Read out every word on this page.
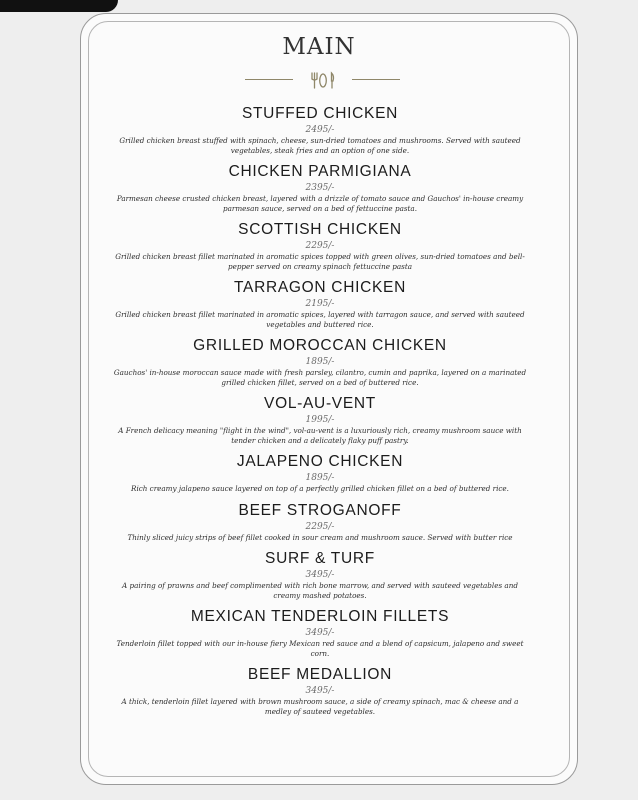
MAIN
STUFFED CHICKEN
2495/-
Grilled chicken breast stuffed with spinach, cheese, sun-dried tomatoes and mushrooms. Served with sauteed vegetables, steak fries and an option of one side.
CHICKEN PARMIGIANA
2395/-
Parmesan cheese crusted chicken breast, layered with a drizzle of tomato sauce and Gauchos' in-house creamy parmesan sauce, served on a bed of fettuccine pasta.
SCOTTISH CHICKEN
2295/-
Grilled chicken breast fillet marinated in aromatic spices topped with green olives, sun-dried tomatoes and bell-pepper served on creamy spinach fettuccine pasta
TARRAGON CHICKEN
2195/-
Grilled chicken breast fillet marinated in aromatic spices, layered with tarragon sauce, and served with sauteed vegetables and buttered rice.
GRILLED MOROCCAN CHICKEN
1895/-
Gauchos' in-house moroccan sauce made with fresh parsley, cilantro, cumin and paprika, layered on a marinated grilled chicken fillet, served on a bed of buttered rice.
VOL-AU-VENT
1995/-
A French delicacy meaning "flight in the wind", vol-au-vent is a luxuriously rich, creamy mushroom sauce with tender chicken and a delicately flaky puff pastry.
JALAPENO CHICKEN
1895/-
Rich creamy jalapeno sauce layered on top of a perfectly grilled chicken fillet on a bed of buttered rice.
BEEF STROGANOFF
2295/-
Thinly sliced juicy strips of beef fillet cooked in sour cream and mushroom sauce. Served with butter rice
SURF & TURF
3495/-
A pairing of prawns and beef complimented with rich bone marrow, and served with sauteed vegetables and creamy mashed potatoes.
MEXICAN TENDERLOIN FILLETS
3495/-
Tenderloin fillet topped with our in-house fiery Mexican red sauce and a blend of capsicum, jalapeno and sweet corn.
BEEF MEDALLION
3495/-
A thick, tenderloin fillet layered with brown mushroom sauce, a side of creamy spinach, mac & cheese and a medley of sauteed vegetables.
